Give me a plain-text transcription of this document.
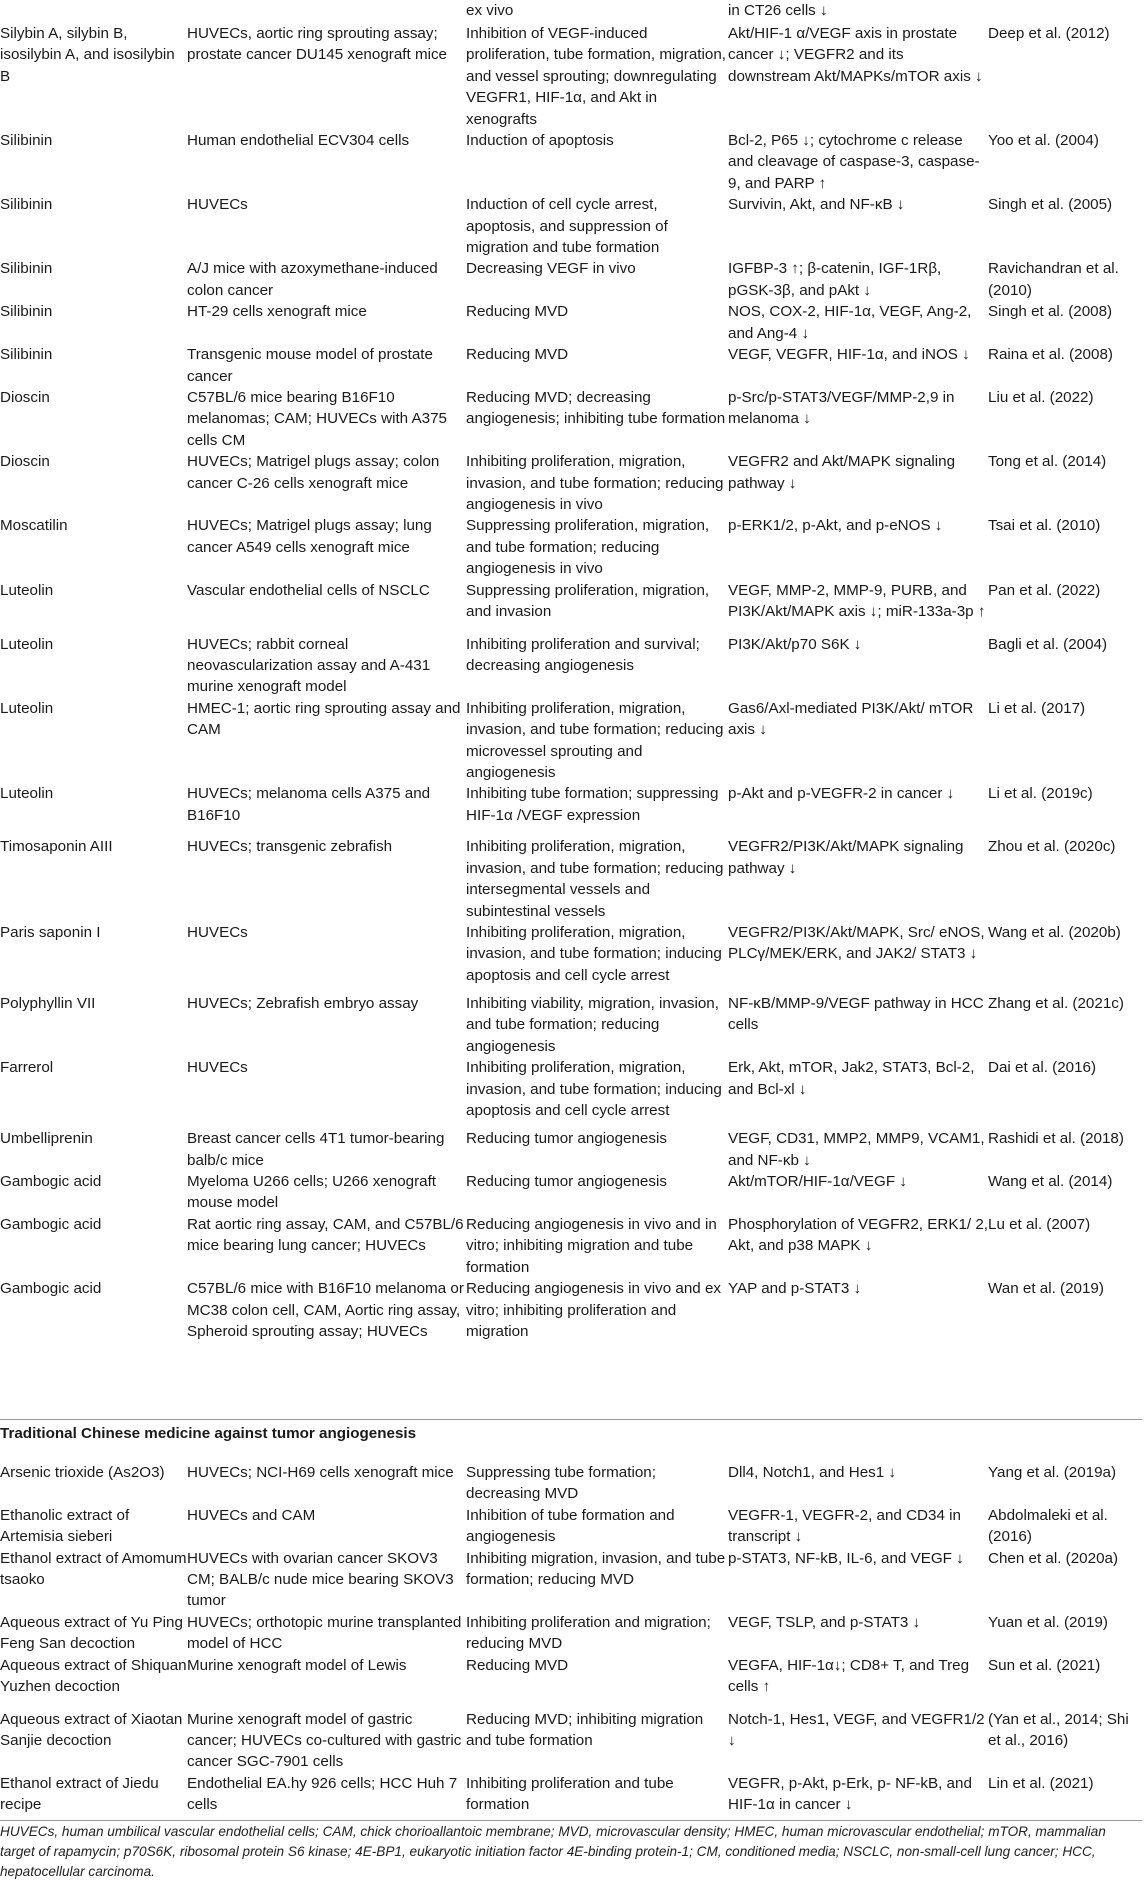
		ex vivo	in CT26 cells ↓	
Silybin A, silybin B, isosilybin A, and isosilybin B	HUVECs, aortic ring sprouting assay; prostate cancer DU145 xenograft mice	Inhibition of VEGF-induced proliferation, tube formation, migration, and vessel sprouting; downregulating VEGFR1, HIF-1α, and Akt in xenografts	Akt/HIF-1 α/VEGF axis in prostate cancer ↓; VEGFR2 and its downstream Akt/MAPKs/mTOR axis ↓	Deep et al. (2012)
Silibinin	Human endothelial ECV304 cells	Induction of apoptosis	Bcl-2, P65 ↓; cytochrome c release and cleavage of caspase-3, caspase-9, and PARP ↑	Yoo et al. (2004)
Silibinin	HUVECs	Induction of cell cycle arrest, apoptosis, and suppression of migration and tube formation	Survivin, Akt, and NF-κB ↓	Singh et al. (2005)
Silibinin	A/J mice with azoxymethane-induced colon cancer	Decreasing VEGF in vivo	IGFBP-3 ↑; β-catenin, IGF-1Rβ, pGSK-3β, and pAkt ↓	Ravichandran et al. (2010)
Silibinin	HT-29 cells xenograft mice	Reducing MVD	NOS, COX-2, HIF-1α, VEGF, Ang-2, and Ang-4 ↓	Singh et al. (2008)
Silibinin	Transgenic mouse model of prostate cancer	Reducing MVD	VEGF, VEGFR, HIF-1α, and iNOS ↓	Raina et al. (2008)
Dioscin	C57BL/6 mice bearing B16F10 melanomas; CAM; HUVECs with A375 cells CM	Reducing MVD; decreasing angiogenesis; inhibiting tube formation	p-Src/p-STAT3/VEGF/MMP-2,9 in melanoma ↓	Liu et al. (2022)
Dioscin	HUVECs; Matrigel plugs assay; colon cancer C-26 cells xenograft mice	Inhibiting proliferation, migration, invasion, and tube formation; reducing angiogenesis in vivo	VEGFR2 and Akt/MAPK signaling pathway ↓	Tong et al. (2014)
Moscatilin	HUVECs; Matrigel plugs assay; lung cancer A549 cells xenograft mice	Suppressing proliferation, migration, and tube formation; reducing angiogenesis in vivo	p-ERK1/2, p-Akt, and p-eNOS ↓	Tsai et al. (2010)
Luteolin	Vascular endothelial cells of NSCLC	Suppressing proliferation, migration, and invasion	VEGF, MMP-2, MMP-9, PURB, and PI3K/Akt/MAPK axis ↓; miR-133a-3p ↑	Pan et al. (2022)
Luteolin	HUVECs; rabbit corneal neovascularization assay and A-431 murine xenograft model	Inhibiting proliferation and survival; decreasing angiogenesis	PI3K/Akt/p70 S6K ↓	Bagli et al. (2004)
Luteolin	HMEC-1; aortic ring sprouting assay and CAM	Inhibiting proliferation, migration, invasion, and tube formation; reducing microvessel sprouting and angiogenesis	Gas6/Axl-mediated PI3K/Akt/ mTOR axis ↓	Li et al. (2017)
Luteolin	HUVECs; melanoma cells A375 and B16F10	Inhibiting tube formation; suppressing HIF-1α /VEGF expression	p-Akt and p-VEGFR-2 in cancer ↓	Li et al. (2019c)
Timosaponin AIII	HUVECs; transgenic zebrafish	Inhibiting proliferation, migration, invasion, and tube formation; reducing intersegmental vessels and subintestinal vessels	VEGFR2/PI3K/Akt/MAPK signaling pathway ↓	Zhou et al. (2020c)
Paris saponin I	HUVECs	Inhibiting proliferation, migration, invasion, and tube formation; inducing apoptosis and cell cycle arrest	VEGFR2/PI3K/Akt/MAPK, Src/ eNOS, PLCγ/MEK/ERK, and JAK2/ STAT3 ↓	Wang et al. (2020b)
Polyphyllin VII	HUVECs; Zebrafish embryo assay	Inhibiting viability, migration, invasion, and tube formation; reducing angiogenesis	NF-κB/MMP-9/VEGF pathway in HCC cells	Zhang et al. (2021c)
Farrerol	HUVECs	Inhibiting proliferation, migration, invasion, and tube formation; inducing apoptosis and cell cycle arrest	Erk, Akt, mTOR, Jak2, STAT3, Bcl-2, and Bcl-xl ↓	Dai et al. (2016)
Umbelliprenin	Breast cancer cells 4T1 tumor-bearing balb/c mice	Reducing tumor angiogenesis	VEGF, CD31, MMP2, MMP9, VCAM1, and NF-κb ↓	Rashidi et al. (2018)
Gambogic acid	Myeloma U266 cells; U266 xenograft mouse model	Reducing tumor angiogenesis	Akt/mTOR/HIF-1α/VEGF ↓	Wang et al. (2014)
Gambogic acid	Rat aortic ring assay, CAM, and C57BL/6 mice bearing lung cancer; HUVECs	Reducing angiogenesis in vivo and in vitro; inhibiting migration and tube formation	Phosphorylation of VEGFR2, ERK1/ 2, Akt, and p38 MAPK ↓	Lu et al. (2007)
Gambogic acid	C57BL/6 mice with B16F10 melanoma or MC38 colon cell, CAM, Aortic ring assay, Spheroid sprouting assay; HUVECs	Reducing angiogenesis in vivo and ex vitro; inhibiting proliferation and migration	YAP and p-STAT3 ↓	Wan et al. (2019)
Traditional Chinese medicine against tumor angiogenesis
Arsenic trioxide (As2O3)	HUVECs; NCI-H69 cells xenograft mice	Suppressing tube formation; decreasing MVD	Dll4, Notch1, and Hes1 ↓	Yang et al. (2019a)
Ethanolic extract of Artemisia sieberi	HUVECs and CAM	Inhibition of tube formation and angiogenesis	VEGFR-1, VEGFR-2, and CD34 in transcript ↓	Abdolmaleki et al. (2016)
Ethanol extract of Amomum tsaoko	HUVECs with ovarian cancer SKOV3 CM; BALB/c nude mice bearing SKOV3 tumor	Inhibiting migration, invasion, and tube formation; reducing MVD	p-STAT3, NF-kB, IL-6, and VEGF ↓	Chen et al. (2020a)
Aqueous extract of Yu Ping Feng San decoction	HUVECs; orthotopic murine transplanted model of HCC	Inhibiting proliferation and migration; reducing MVD	VEGF, TSLP, and p-STAT3 ↓	Yuan et al. (2019)
Aqueous extract of Shiquan Yuzhen decoction	Murine xenograft model of Lewis	Reducing MVD	VEGFA, HIF-1α↓; CD8+ T, and Treg cells ↑	Sun et al. (2021)
Aqueous extract of Xiaotan Sanjie decoction	Murine xenograft model of gastric cancer; HUVECs co-cultured with gastric cancer SGC-7901 cells	Reducing MVD; inhibiting migration and tube formation	Notch-1, Hes1, VEGF, and VEGFR1/2 ↓	(Yan et al., 2014; Shi et al., 2016)
Ethanol extract of Jiedu recipe	Endothelial EA.hy 926 cells; HCC Huh 7 cells	Inhibiting proliferation and tube formation	VEGFR, p-Akt, p-Erk, p- NF-kB, and HIF-1α in cancer ↓	Lin et al. (2021)
HUVECs, human umbilical vascular endothelial cells; CAM, chick chorioallantoic membrane; MVD, microvascular density; HMEC, human microvascular endothelial; mTOR, mammalian target of rapamycin; p70S6K, ribosomal protein S6 kinase; 4E-BP1, eukaryotic initiation factor 4E-binding protein-1; CM, conditioned media; NSCLC, non-small-cell lung cancer; HCC, hepatocellular carcinoma.
